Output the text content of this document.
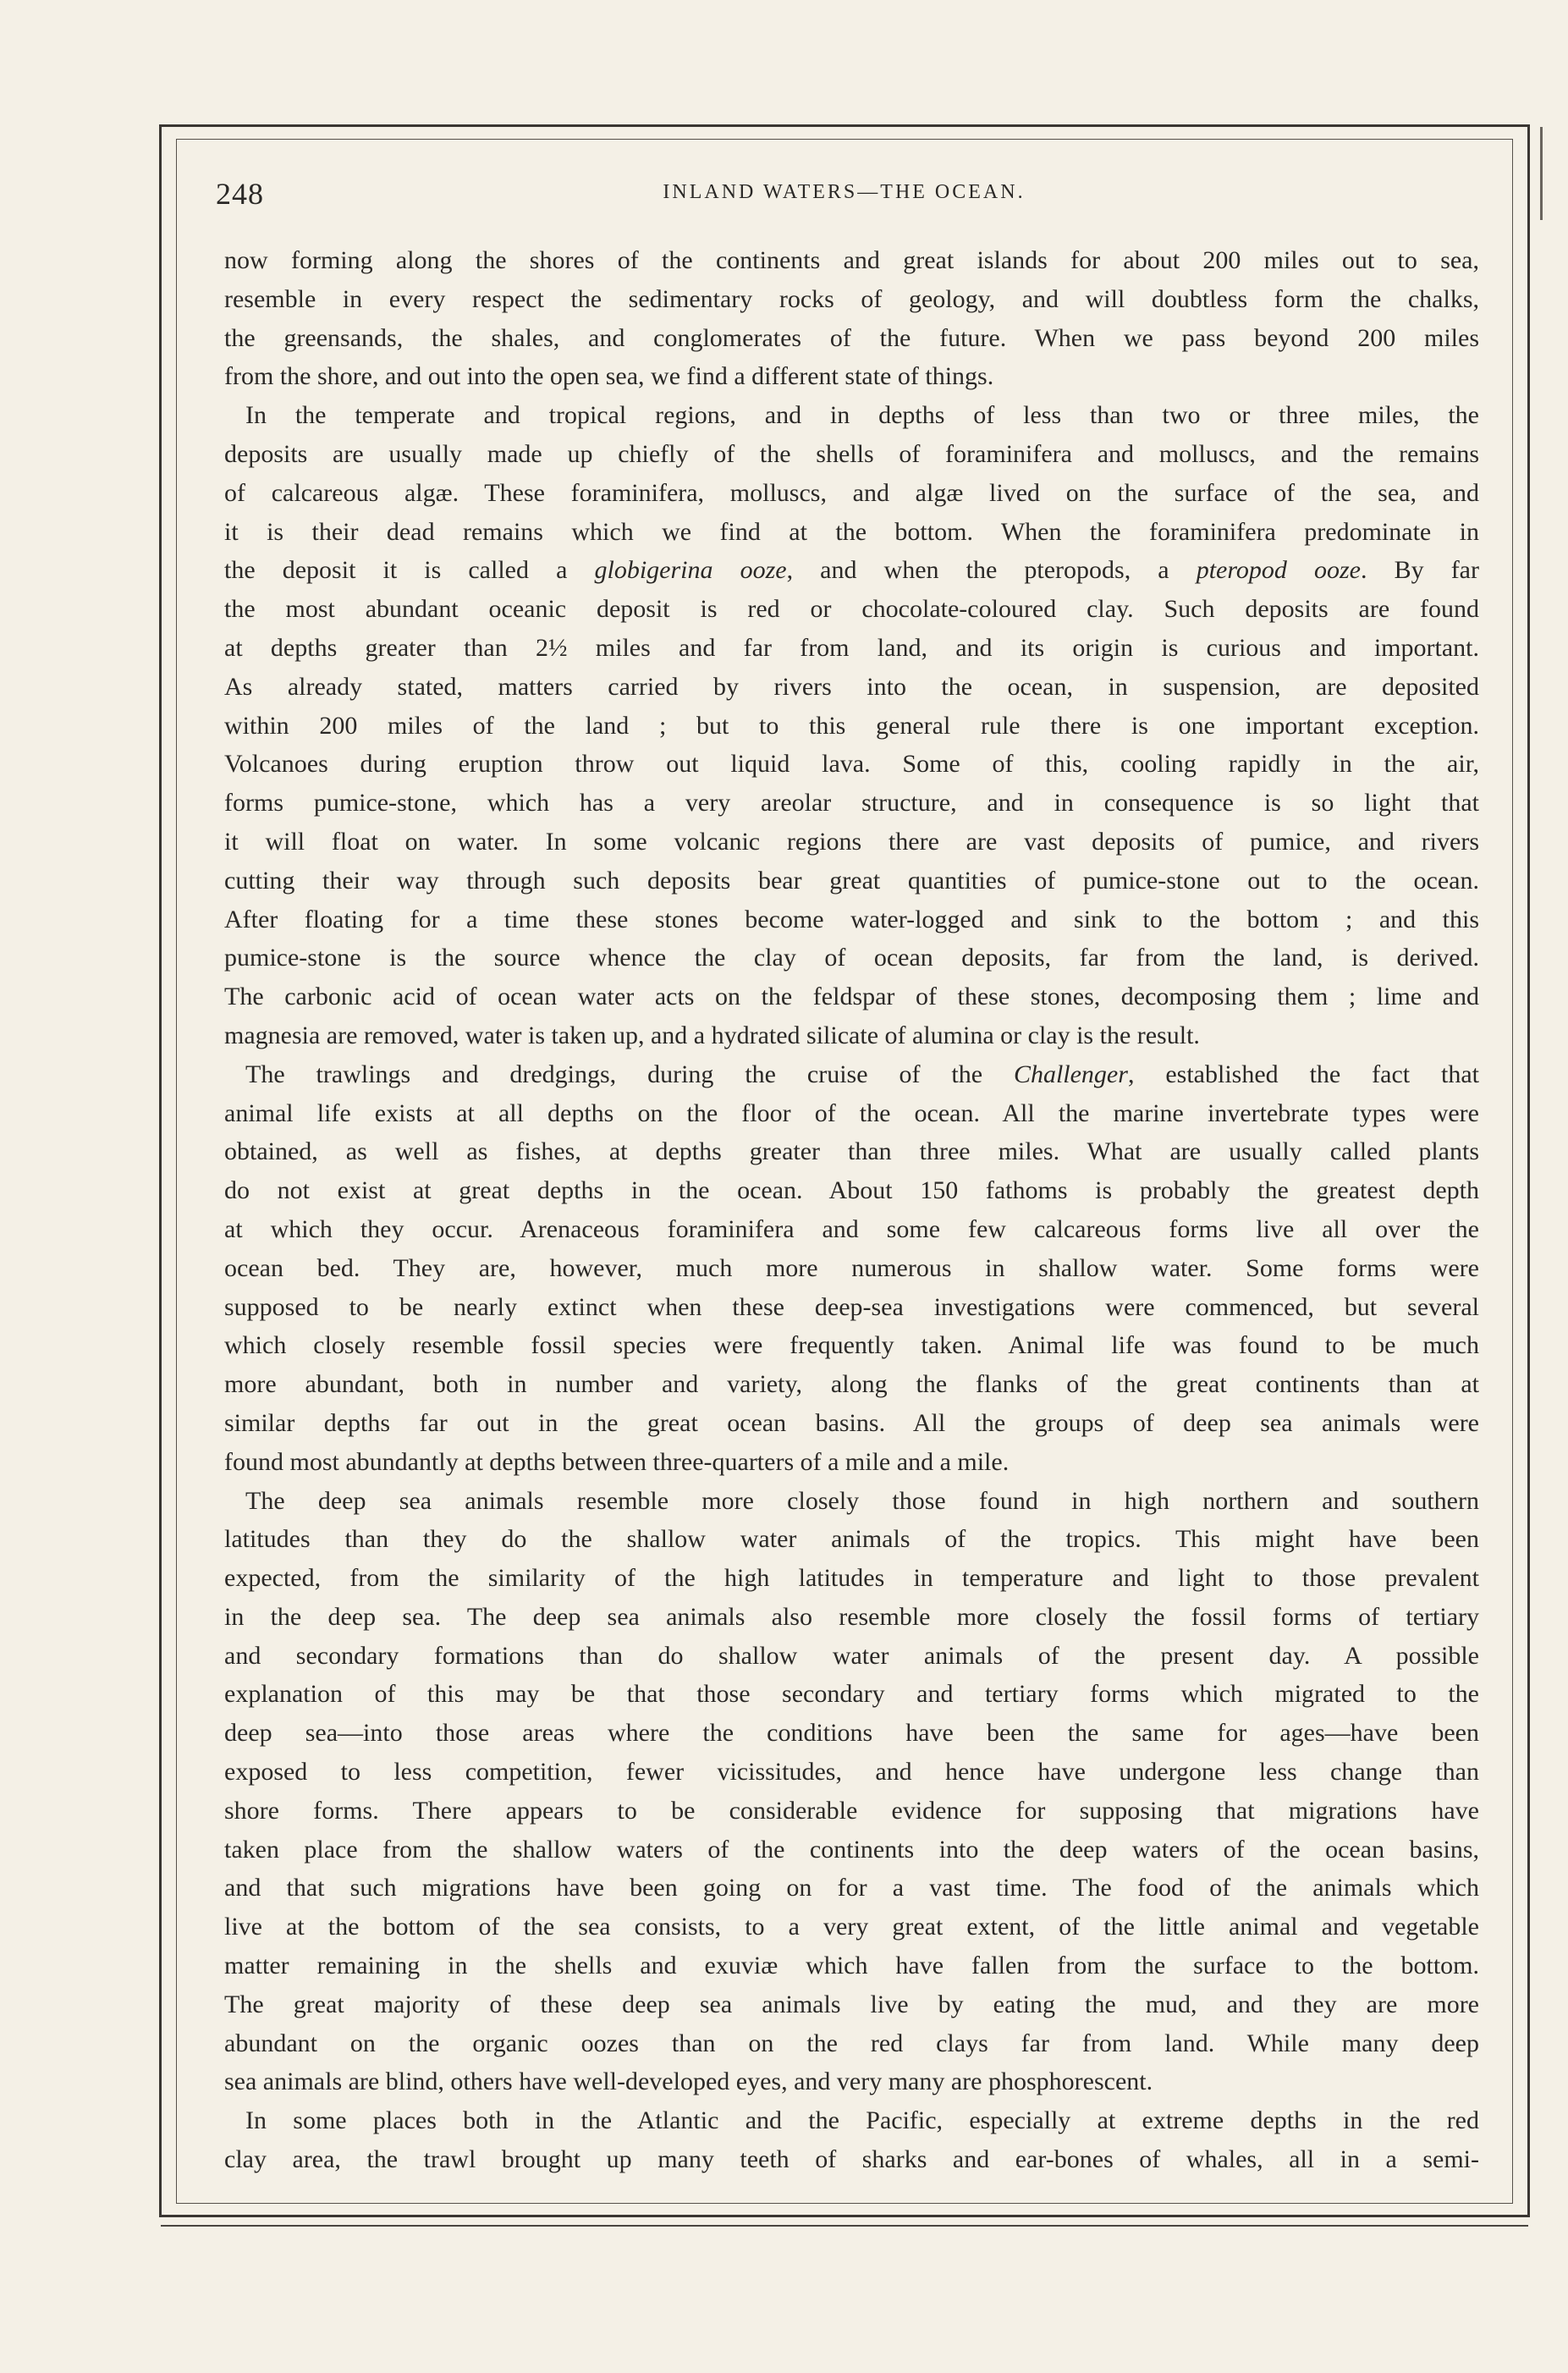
248	INLAND WATERS—THE OCEAN.
now forming along the shores of the continents and great islands for about 200 miles out to sea,
resemble in every respect the sedimentary rocks of geology, and will doubtless form the chalks,
the greensands, the shales, and conglomerates of the future. When we pass beyond 200 miles
from the shore, and out into the open sea, we find a different state of things.
In the temperate and tropical regions, and in depths of less than two or three miles, the
deposits are usually made up chiefly of the shells of foraminifera and molluscs, and the remains
of calcareous algæ. These foraminifera, molluscs, and algæ lived on the surface of the sea, and
it is their dead remains which we find at the bottom. When the foraminifera predominate in
the deposit it is called a globigerina ooze, and when the pteropods, a pteropod ooze. By far
the most abundant oceanic deposit is red or chocolate-coloured clay. Such deposits are found
at depths greater than 2½ miles and far from land, and its origin is curious and important.
As already stated, matters carried by rivers into the ocean, in suspension, are deposited
within 200 miles of the land ; but to this general rule there is one important exception.
Volcanoes during eruption throw out liquid lava. Some of this, cooling rapidly in the air,
forms pumice-stone, which has a very areolar structure, and in consequence is so light that
it will float on water. In some volcanic regions there are vast deposits of pumice, and rivers
cutting their way through such deposits bear great quantities of pumice-stone out to the ocean.
After floating for a time these stones become water-logged and sink to the bottom ; and this
pumice-stone is the source whence the clay of ocean deposits, far from the land, is derived.
The carbonic acid of ocean water acts on the feldspar of these stones, decomposing them ; lime and
magnesia are removed, water is taken up, and a hydrated silicate of alumina or clay is the result.
The trawlings and dredgings, during the cruise of the Challenger, established the fact that
animal life exists at all depths on the floor of the ocean. All the marine invertebrate types were
obtained, as well as fishes, at depths greater than three miles. What are usually called plants
do not exist at great depths in the ocean. About 150 fathoms is probably the greatest depth
at which they occur. Arenaceous foraminifera and some few calcareous forms live all over the
ocean bed. They are, however, much more numerous in shallow water. Some forms were
supposed to be nearly extinct when these deep-sea investigations were commenced, but several
which closely resemble fossil species were frequently taken. Animal life was found to be much
more abundant, both in number and variety, along the flanks of the great continents than at
similar depths far out in the great ocean basins. All the groups of deep sea animals were
found most abundantly at depths between three-quarters of a mile and a mile.
The deep sea animals resemble more closely those found in high northern and southern
latitudes than they do the shallow water animals of the tropics. This might have been
expected, from the similarity of the high latitudes in temperature and light to those prevalent
in the deep sea. The deep sea animals also resemble more closely the fossil forms of tertiary
and secondary formations than do shallow water animals of the present day. A possible
explanation of this may be that those secondary and tertiary forms which migrated to the
deep sea—into those areas where the conditions have been the same for ages—have been
exposed to less competition, fewer vicissitudes, and hence have undergone less change than
shore forms. There appears to be considerable evidence for supposing that migrations have
taken place from the shallow waters of the continents into the deep waters of the ocean basins,
and that such migrations have been going on for a vast time. The food of the animals which
live at the bottom of the sea consists, to a very great extent, of the little animal and vegetable
matter remaining in the shells and exuviæ which have fallen from the surface to the bottom.
The great majority of these deep sea animals live by eating the mud, and they are more
abundant on the organic oozes than on the red clays far from land. While many deep
sea animals are blind, others have well-developed eyes, and very many are phosphorescent.
In some places both in the Atlantic and the Pacific, especially at extreme depths in the red
clay area, the trawl brought up many teeth of sharks and ear-bones of whales, all in a semi-
